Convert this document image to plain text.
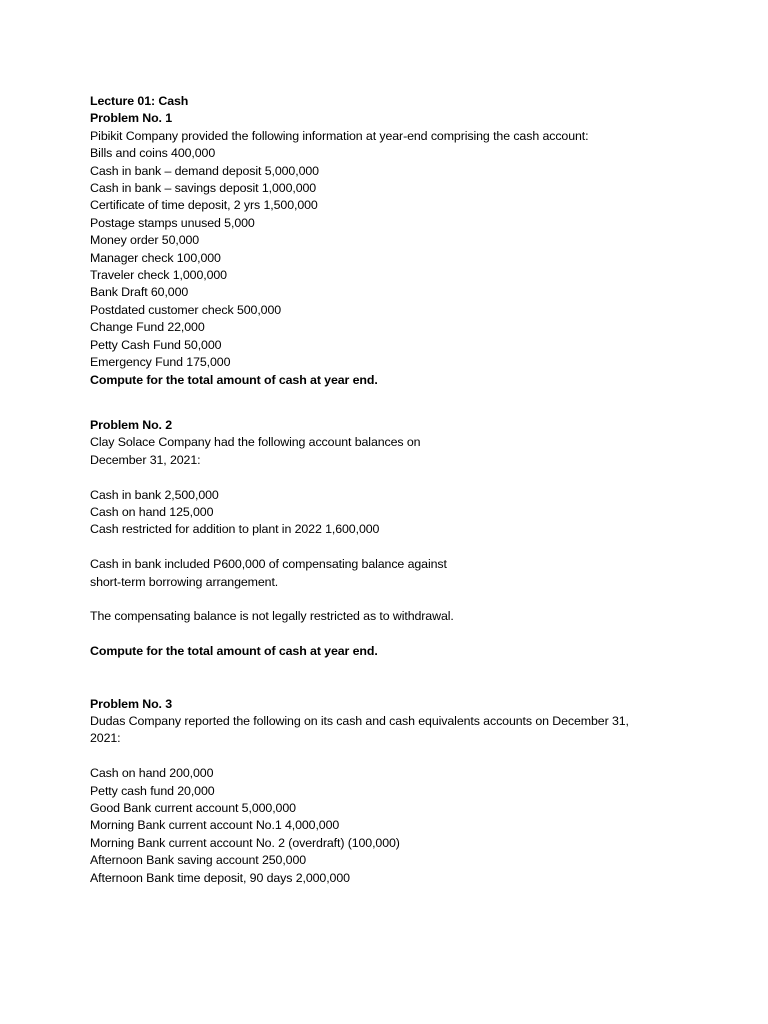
Lecture 01: Cash
Problem No. 1
Pibikit Company provided the following information at year-end comprising the cash account:
Bills and coins 400,000
Cash in bank – demand deposit 5,000,000
Cash in bank – savings deposit 1,000,000
Certificate of time deposit, 2 yrs 1,500,000
Postage stamps unused 5,000
Money order 50,000
Manager check 100,000
Traveler check 1,000,000
Bank Draft 60,000
Postdated customer check 500,000
Change Fund 22,000
Petty Cash Fund 50,000
Emergency Fund 175,000
Compute for the total amount of cash at year end.
Problem No. 2
Clay Solace Company had the following account balances on
December 31, 2021:
Cash in bank 2,500,000
Cash on hand 125,000
Cash restricted for addition to plant in 2022 1,600,000
Cash in bank included P600,000 of compensating balance against
short-term borrowing arrangement.
The compensating balance is not legally restricted as to withdrawal.
Compute for the total amount of cash at year end.
Problem No. 3
Dudas Company reported the following on its cash and cash equivalents accounts on December 31,
2021:
Cash on hand 200,000
Petty cash fund 20,000
Good Bank current account 5,000,000
Morning Bank current account No.1 4,000,000
Morning Bank current account No. 2 (overdraft) (100,000)
Afternoon Bank saving account 250,000
Afternoon Bank time deposit, 90 days 2,000,000
